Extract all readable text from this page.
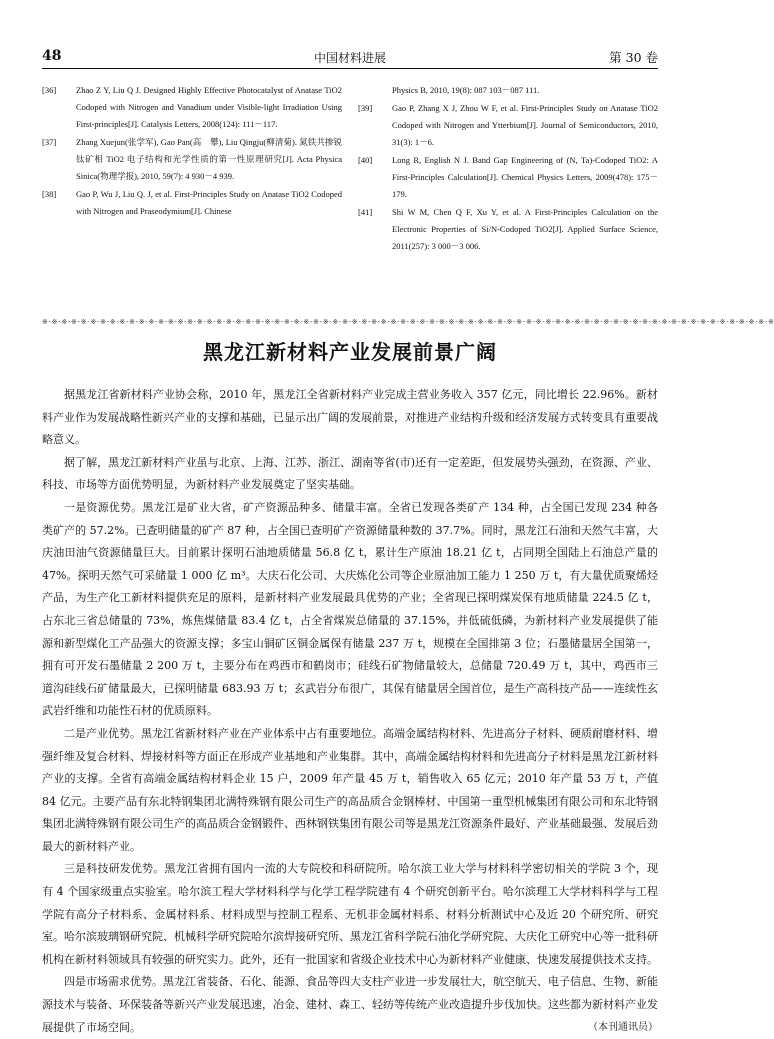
48	中国材料进展	第 30 卷
[36]	Zhao Z Y, Liu Q J. Designed Highly Effective Photocatalyst of Anatase TiO2 Codoped with Nitrogen and Vanadium under Visible-light Irradiation Using First-principles[J]. Catalysis Letters, 2008(124): 111－117.
[37]	Zhang Xuejun(张学军), Gao Pan(高　攀), Liu Qingju(柳清菊). 氮铁共掺锐钛矿相 TiO2 电子结构和光学性质的第一性原理研究[J]. Acta Physica Sinica(物理学报), 2010, 59(7): 4 930－4 939.
[38]	Gao P, Wu J, Liu Q. J, et al. First-Principles Study on Anatase TiO2 Codoped with Nitrogen and Praseodymium[J]. Chinese
Physics B, 2010, 19(8): 087 103－087 111.
[39]	Gao P, Zhang X J, Zhou W F, et al. First-Principles Study on Anatase TiO2 Codoped with Nitrogen and Ytterbium[J]. Journal of Semiconductors, 2010, 31(3): 1－6.
[40]	Long R, English N J. Band Gap Engineering of (N, Ta)-Codoped TiO2: A First-Principles Calculation[J]. Chemical Physics Letters, 2009(478): 175－179.
[41]	Shi W M, Chen Q F, Xu Y, et al. A First-Principles Calculation on the Electronic Properties of Si/N-Codoped TiO2[J]. Applied Surface Science, 2011(257): 3 000－3 006.
※-※-※-※-※-※-※-※-※-※-※-※-※-※-※-※-※-※-※-※-※-※-※-※-※-※-※-※-※-※-※-※-※-※-※-※-※-※-※-※-※-※-※-※-※-※-※-※-※-※-※-※-※-※-※-※-※-※-※-※-※-※-※-※-※-※-※-※-※-※-※-※-※-※-※-※
黑龙江新材料产业发展前景广阔

据黑龙江省新材料产业协会称，2010 年，黑龙江全省新材料产业完成主营业务收入 357 亿元，同比增长 22.96%。新材料产业作为发展战略性新兴产业的支撑和基础，已显示出广阔的发展前景，对推进产业结构升级和经济发展方式转变具有重要战略意义。

据了解，黑龙江新材料产业虽与北京、上海、江苏、浙江、湖南等省(市)还有一定差距，但发展势头强劲，在资源、产业、科技、市场等方面优势明显，为新材料产业发展奠定了坚实基础。

一是资源优势。黑龙江是矿业大省，矿产资源品种多、储量丰富。全省已发现各类矿产 134 种，占全国已发现 234 种各类矿产的 57.2%。已查明储量的矿产 87 种，占全国已查明矿产资源储量种数的 37.7%。同时，黑龙江石油和天然气丰富，大庆油田油气资源储量巨大。目前累计探明石油地质储量 56.8 亿 t，累计生产原油 18.21 亿 t，占同期全国陆上石油总产量的 47%。探明天然气可采储量 1 000 亿 m³。大庆石化公司、大庆炼化公司等企业原油加工能力 1 250 万 t，有大量优质聚烯烃产品，为生产化工新材料提供充足的原料，是新材料产业发展最具优势的产业；全省现已探明煤炭保有地质储量 224.5 亿 t，占东北三省总储量的 73%，炼焦煤储量 83.4 亿 t，占全省煤炭总储量的 37.15%，并低硫低磷，为新材料产业发展提供了能源和新型煤化工产品强大的资源支撑；多宝山铜矿区铜金属保有储量 237 万 t，规模在全国排第 3 位；石墨储量居全国第一，拥有可开发石墨储量 2 200 万 t，主要分布在鸡西市和鹤岗市；硅线石矿物储量较大，总储量 720.49 万 t，其中，鸡西市三道沟硅线石矿储量最大，已探明储量 683.93 万 t；玄武岩分布很广，其保有储量居全国首位，是生产高科技产品——连续性玄武岩纤维和功能性石材的优质原料。

二是产业优势。黑龙江省新材料产业在产业体系中占有重要地位。高端金属结构材料、先进高分子材料、硬质耐磨材料、增强纤维及复合材料、焊接材料等方面正在形成产业基地和产业集群。其中，高端金属结构材料和先进高分子材料是黑龙江新材料产业的支撑。全省有高端金属结构材料企业 15 户，2009 年产量 45 万 t，销售收入 65 亿元；2010 年产量 53 万 t，产值 84 亿元。主要产品有东北特钢集团北满特殊钢有限公司生产的高品质合金钢棒材、中国第一重型机械集团有限公司和东北特钢集团北满特殊钢有限公司生产的高品质合金钢锻件、西林钢铁集团有限公司等是黑龙江资源条件最好、产业基础最强、发展后劲最大的新材料产业。

三是科技研发优势。黑龙江省拥有国内一流的大专院校和科研院所。哈尔滨工业大学与材料科学密切相关的学院 3 个，现有 4 个国家级重点实验室。哈尔滨工程大学材料科学与化学工程学院建有 4 个研究创新平台。哈尔滨理工大学材料科学与工程学院有高分子材料系、金属材料系、材料成型与控制工程系、无机非金属材料系、材料分析测试中心及近 20 个研究所、研究室。哈尔滨玻璃钢研究院、机械科学研究院哈尔滨焊接研究所、黑龙江省科学院石油化学研究院、大庆化工研究中心等一批科研机构在新材料领域具有较强的研究实力。此外，还有一批国家和省级企业技术中心为新材料产业健康、快速发展提供技术支持。

四是市场需求优势。黑龙江省装备、石化、能源、食品等四大支柱产业进一步发展壮大，航空航天、电子信息、生物、新能源技术与装备、环保装备等新兴产业发展迅速，冶金、建材、森工、轻纺等传统产业改造提升步伐加快。这些都为新材料产业发展提供了市场空间。	（本刊通讯员）
